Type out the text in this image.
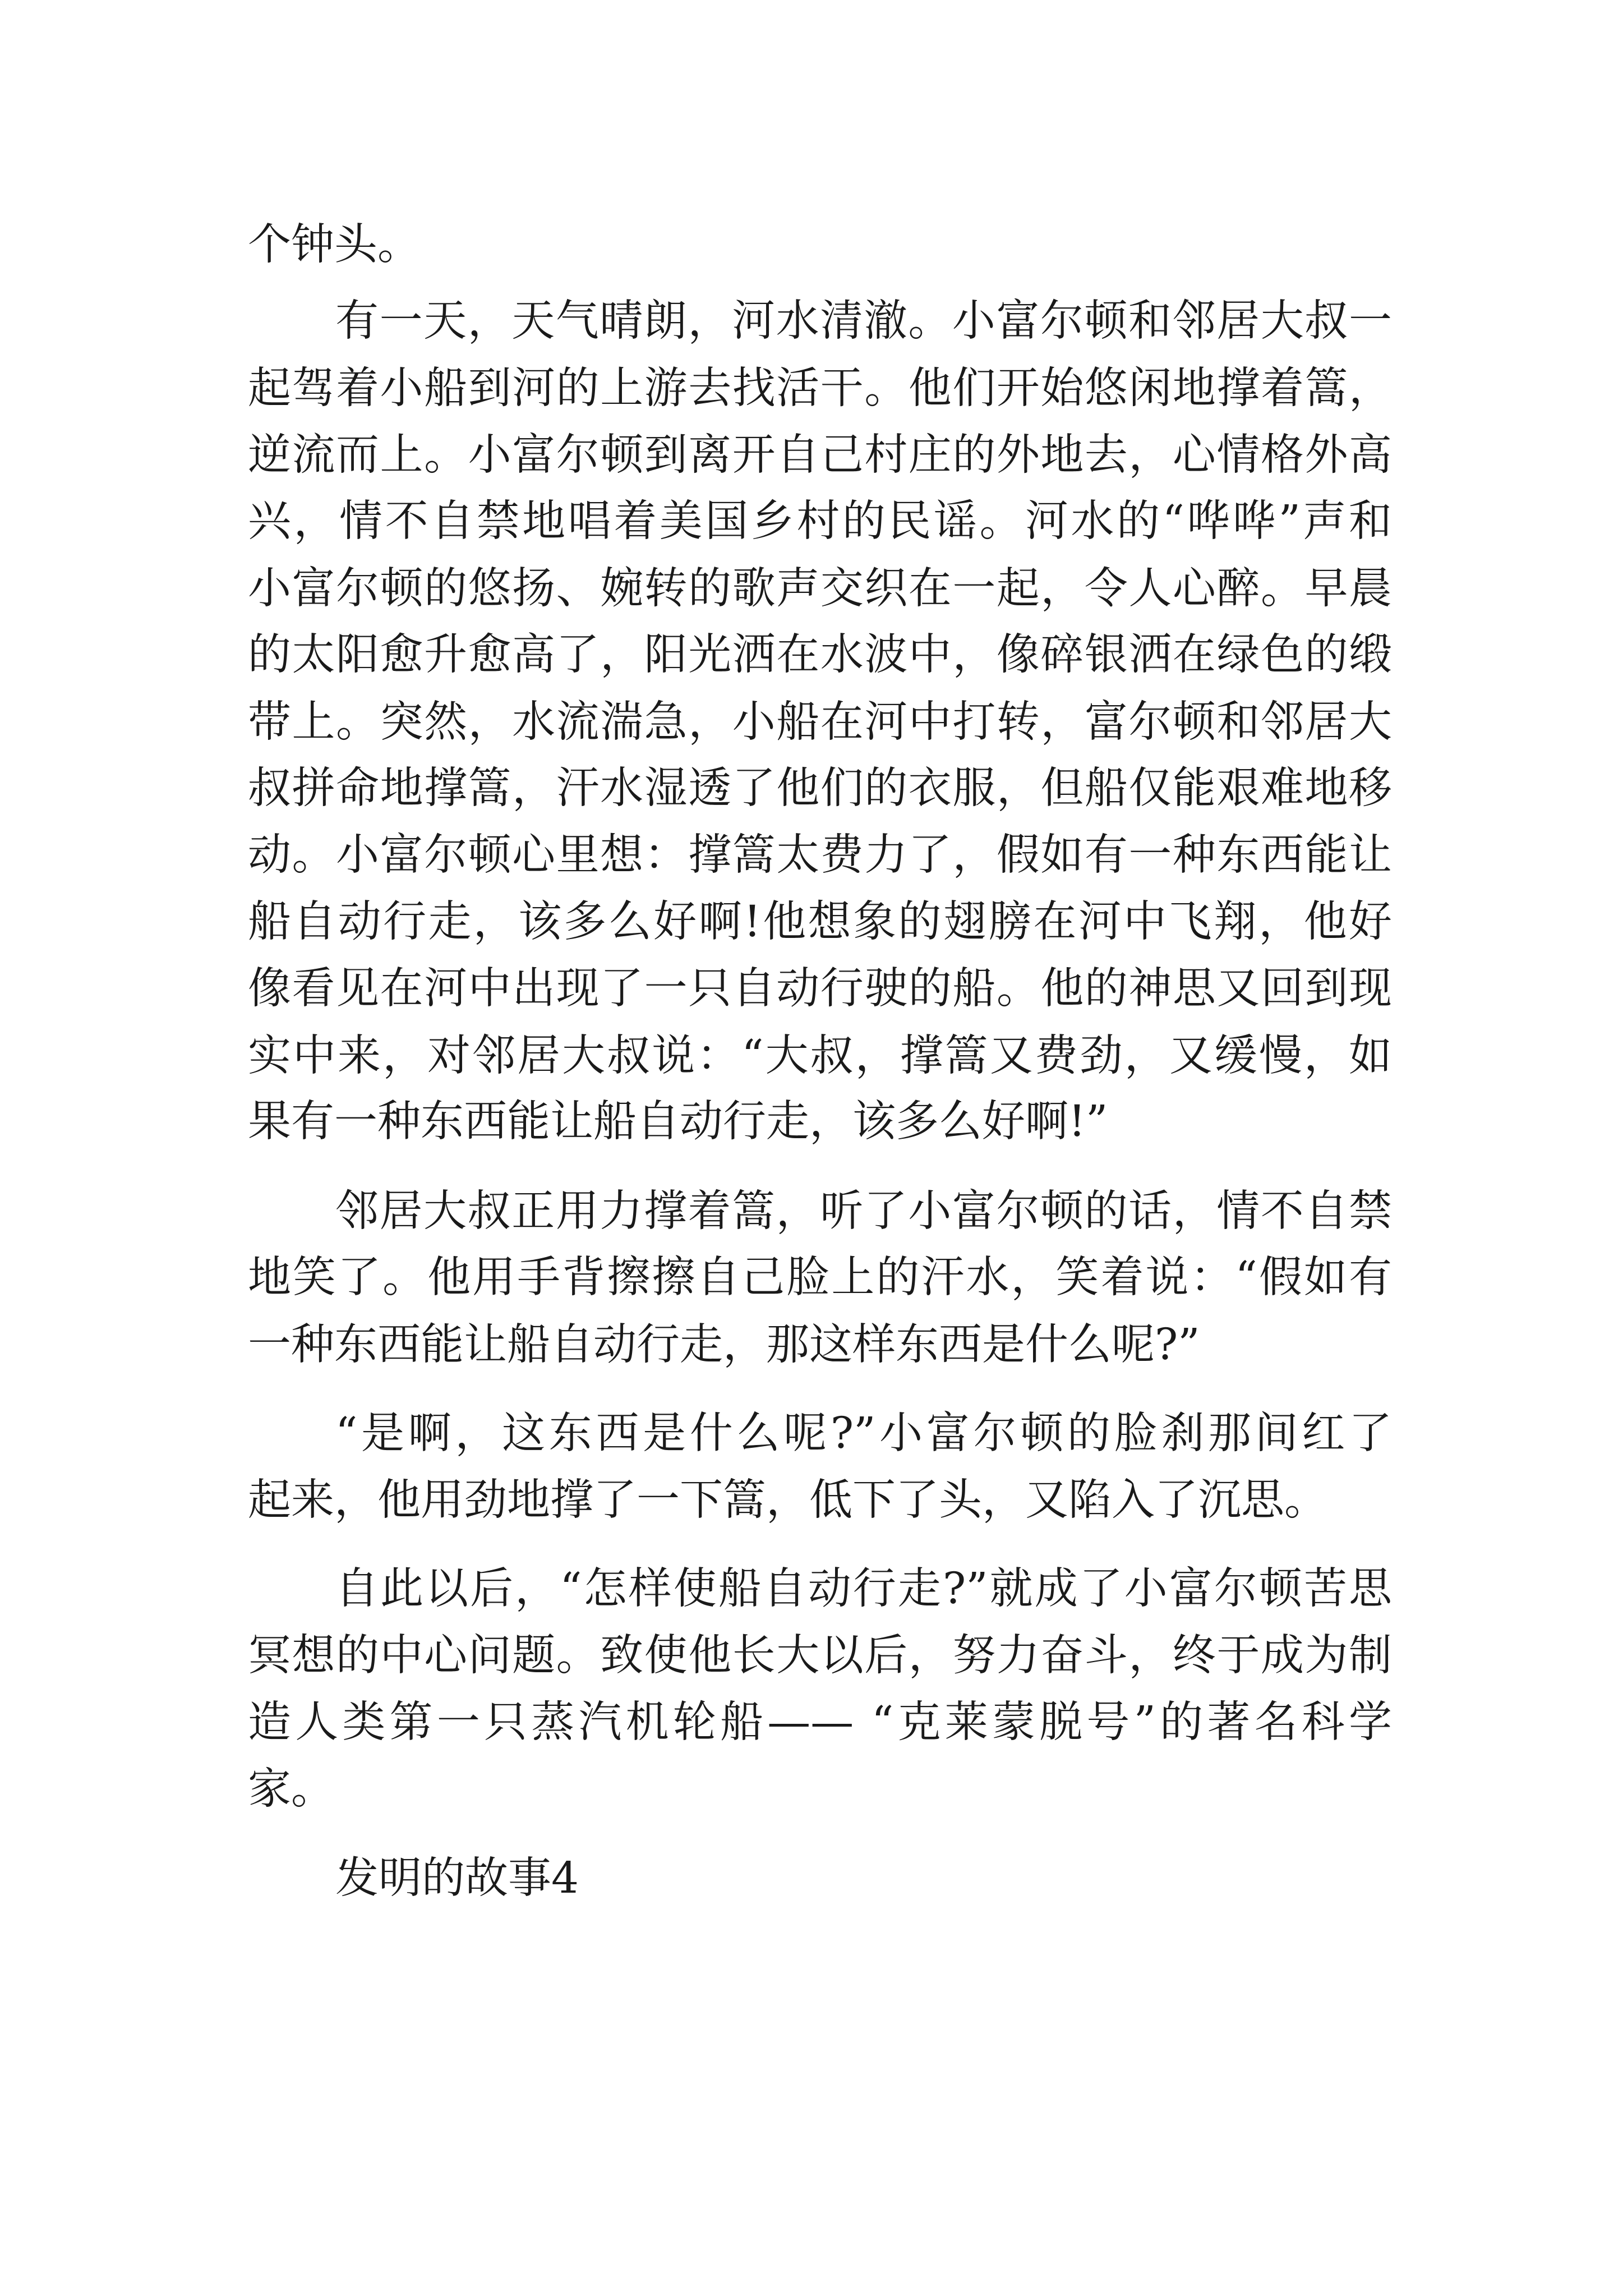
个钟头。
有一天，天气晴朗，河水清澈。小富尔顿和邻居大叔一
起驾着小船到河的上游去找活干。他们开始悠闲地撑着篙，
逆流而上。小富尔顿到离开自己村庄的外地去，心情格外高
兴，情不自禁地唱着美国乡村的民谣。河水的“哗哗”声和
小富尔顿的悠扬、婉转的歌声交织在一起，令人心醉。早晨
的太阳愈升愈高了，阳光洒在水波中，像碎银洒在绿色的缎
带上。突然，水流湍急，小船在河中打转，富尔顿和邻居大
叔拼命地撑篙，汗水湿透了他们的衣服，但船仅能艰难地移
动。小富尔顿心里想：撑篙太费力了，假如有一种东西能让
船自动行走，该多么好啊!他想象的翅膀在河中飞翔，他好
像看见在河中出现了一只自动行驶的船。他的神思又回到现
实中来，对邻居大叔说：“大叔，撑篙又费劲，又缓慢，如
果有一种东西能让船自动行走，该多么好啊!”
邻居大叔正用力撑着篙，听了小富尔顿的话，情不自禁
地笑了。他用手背擦擦自己脸上的汗水，笑着说：“假如有
一种东西能让船自动行走，那这样东西是什么呢?”
“是啊，这东西是什么呢?”小富尔顿的脸刹那间红了
起来，他用劲地撑了一下篙，低下了头，又陷入了沉思。
自此以后，“怎样使船自动行走?”就成了小富尔顿苦思
冥想的中心问题。致使他长大以后，努力奋斗，终于成为制
造人类第一只蒸汽机轮船—— “克莱蒙脱号”的著名科学
家。
发明的故事4
